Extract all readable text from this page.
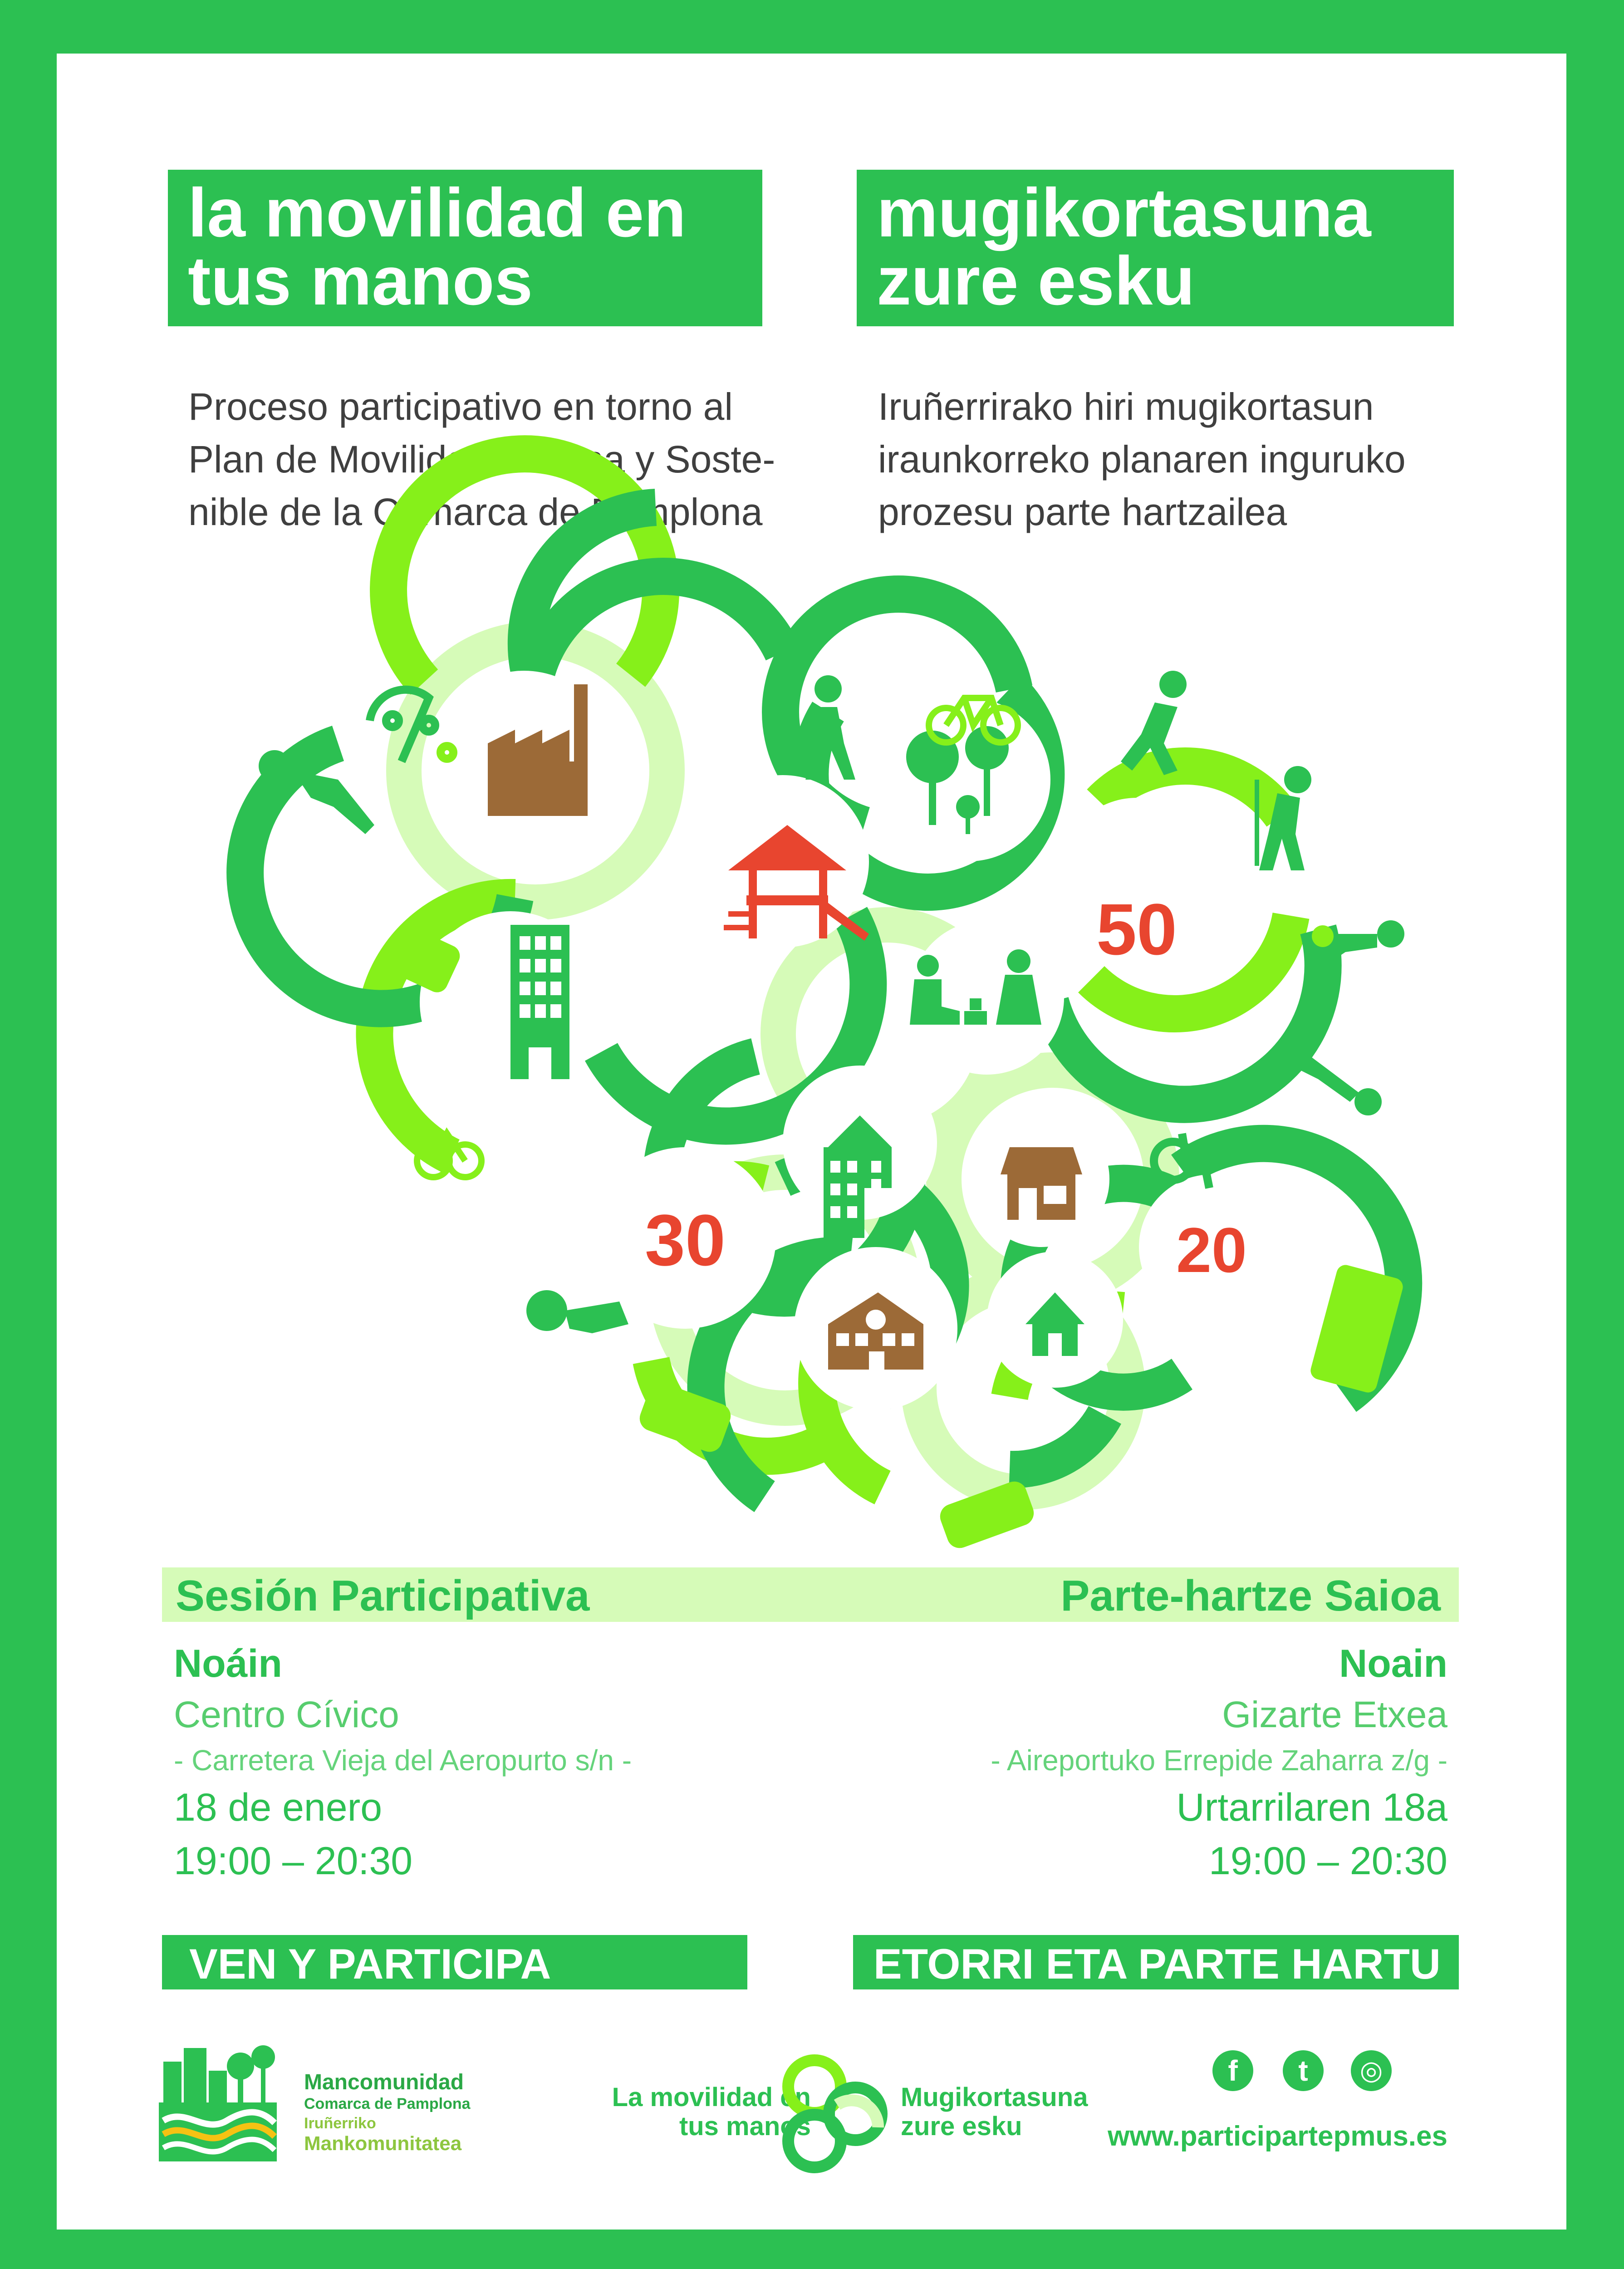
la movilidad en
tus manos
mugikortasuna
zure esku
Proceso participativo en torno al
Plan de Movilidad Urbana y Soste-
nible de la Comarca de Pamplona
Iruñerrirako hiri mugikortasun
iraunkorreko planaren inguruko
prozesu parte hartzailea
50
30	20
Sesión Participativa	Parte-hartze Saioa
Noáin
Centro Cívico
- Carretera Vieja del Aeropurto s/n -
18 de enero
19:00 – 20:30
Noain
Gizarte Etxea
- Aireportuko Errepide Zaharra z/g -
Urtarrilaren 18a
19:00 – 20:30
VEN Y PARTICIPA	ETORRI ETA PARTE HARTU
Mancomunidad
Comarca de Pamplona
Iruñerriko
Mankomunitatea
La movilidad en
tus manos
Mugikortasuna
zure esku
f	t	◎
www.participartepmus.es
